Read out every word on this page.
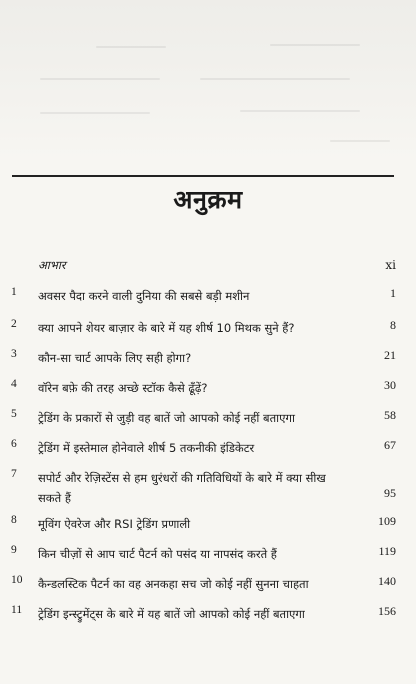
अनुक्रम
आभार	xi
1	अवसर पैदा करने वाली दुनिया की सबसे बड़ी मशीन	1
2	क्या आपने शेयर बाज़ार के बारे में यह शीर्ष 10 मिथक सुने हैं?	8
3	कौन-सा चार्ट आपके लिए सही होगा?	21
4	वॉरेन बफ़े की तरह अच्छे स्टॉक कैसे ढूँढ़ें?	30
5	ट्रेडिंग के प्रकारों से जुड़ी वह बातें जो आपको कोई नहीं बताएगा	58
6	ट्रेडिंग में इस्तेमाल होनेवाले शीर्ष 5 तकनीकी इंडिकेटर	67
7	सपोर्ट और रेज़िस्टेंस से हम धुरंधरों की गतिविधियों के बारे में क्या सीख सकते हैं	95
8	मूविंग ऐवरेज और RSI ट्रेडिंग प्रणाली	109
9	किन चीज़ों से आप चार्ट पैटर्न को पसंद या नापसंद करते हैं	119
10 कैन्डलस्टिक पैटर्न का वह अनकहा सच जो कोई नहीं सुनना चाहता	140
11 ट्रेडिंग इन्स्ट्रुमेंट्स के बारे में यह बातें जो आपको कोई नहीं बताएगा	156
